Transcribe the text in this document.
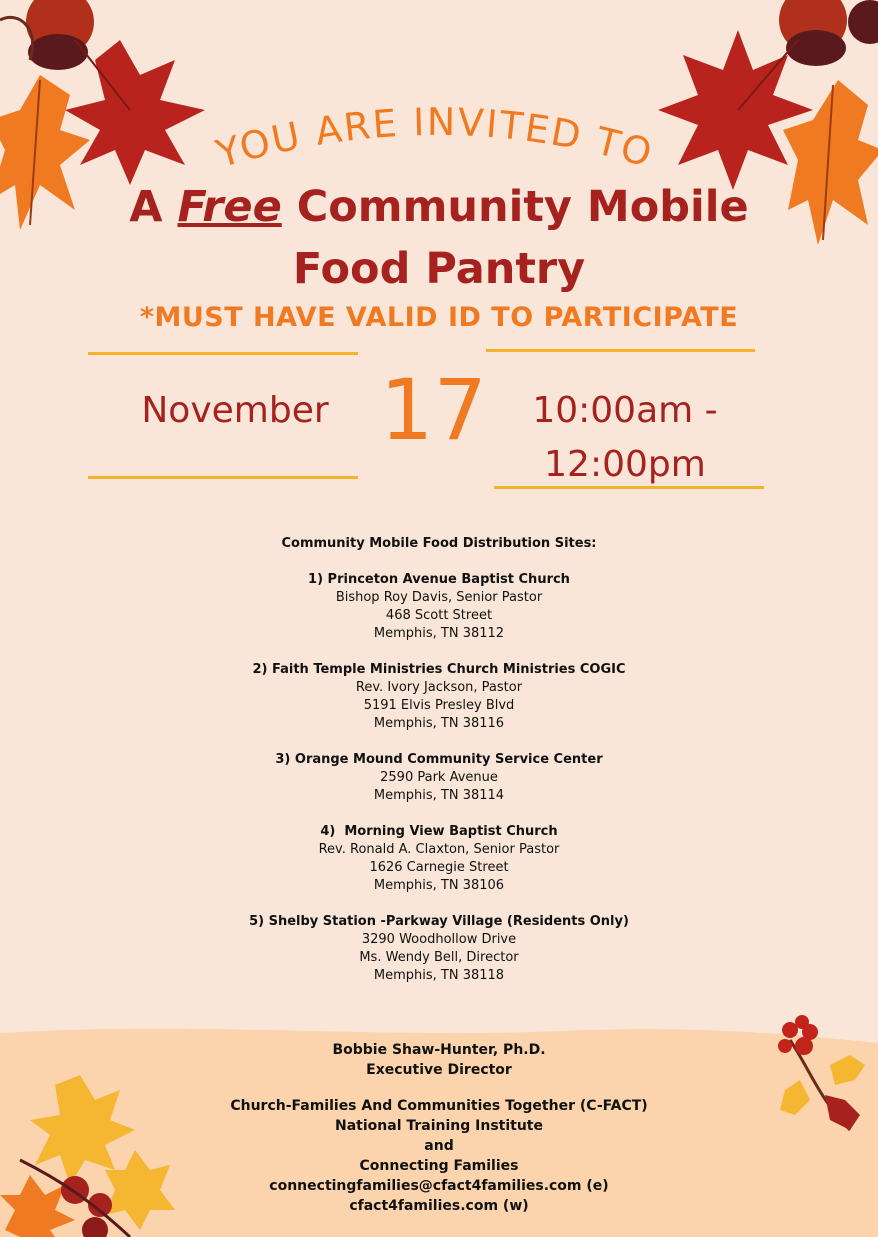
YOU ARE INVITED TO
A Free Community Mobile
Food Pantry
*MUST HAVE VALID ID TO PARTICIPATE
November 17	10:00am -
12:00pm
Community Mobile Food Distribution Sites:
1) Princeton Avenue Baptist Church
Bishop Roy Davis, Senior Pastor
468 Scott Street
Memphis, TN 38112
2) Faith Temple Ministries Church Ministries COGIC
Rev. Ivory Jackson, Pastor
5191 Elvis Presley Blvd
Memphis, TN 38116
3) Orange Mound Community Service Center
2590 Park Avenue
Memphis, TN 38114
4)  Morning View Baptist Church
Rev. Ronald A. Claxton, Senior Pastor
1626 Carnegie Street
Memphis, TN 38106
5) Shelby Station -Parkway Village (Residents Only)
3290 Woodhollow Drive
Ms. Wendy Bell, Director
Memphis, TN 38118
Bobbie Shaw-Hunter, Ph.D.
Executive Director
Church-Families And Communities Together (C-FACT)
National Training Institute
and
Connecting Families
connectingfamilies@cfact4families.com (e)
cfact4families.com (w)
